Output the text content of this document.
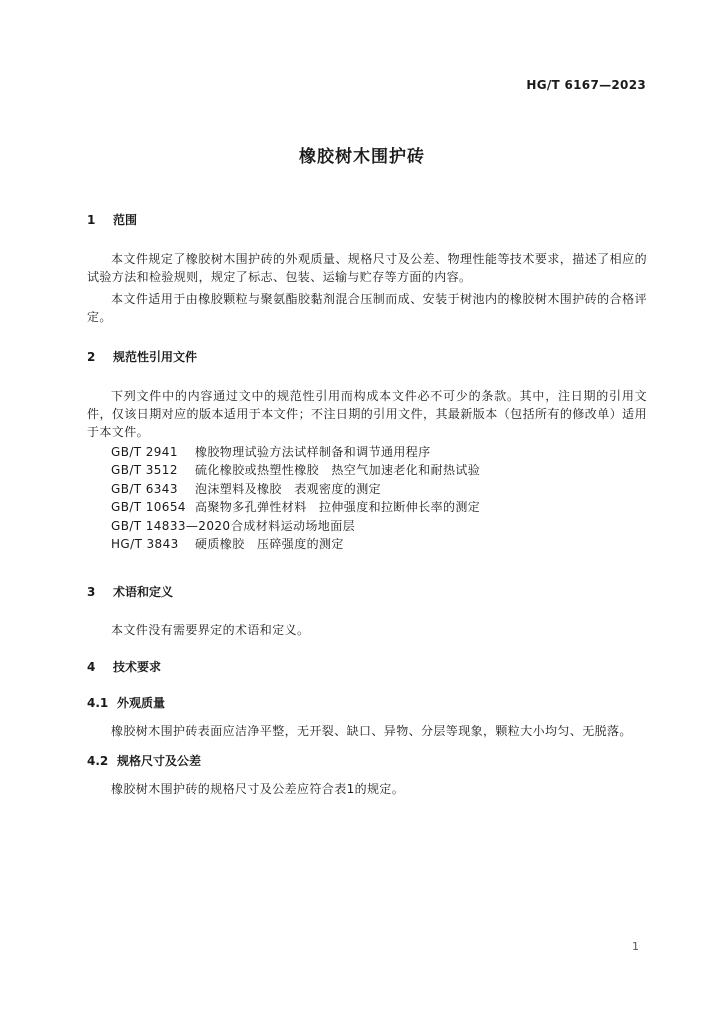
HG/T 6167—2023
橡胶树木围护砖
1 范围
本文件规定了橡胶树木围护砖的外观质量、规格尺寸及公差、物理性能等技术要求，描述了相应的试验方法和检验规则，规定了标志、包装、运输与贮存等方面的内容。
本文件适用于由橡胶颗粒与聚氨酯胶黏剂混合压制而成、安装于树池内的橡胶树木围护砖的合格评定。
2 规范性引用文件
下列文件中的内容通过文中的规范性引用而构成本文件必不可少的条款。其中，注日期的引用文件，仅该日期对应的版本适用于本文件；不注日期的引用文件，其最新版本（包括所有的修改单）适用于本文件。
GB/T 2941 橡胶物理试验方法试样制备和调节通用程序
GB/T 3512 硫化橡胶或热塑性橡胶　热空气加速老化和耐热试验
GB/T 6343 泡沫塑料及橡胶　表观密度的测定
GB/T 10654 高聚物多孔弹性材料　拉伸强度和拉断伸长率的测定
GB/T 14833—2020合成材料运动场地面层
HG/T 3843 硬质橡胶　压碎强度的测定
3 术语和定义
本文件没有需要界定的术语和定义。
4 技术要求
4.1 外观质量
橡胶树木围护砖表面应洁净平整，无开裂、缺口、异物、分层等现象，颗粒大小均匀、无脱落。
4.2 规格尺寸及公差
橡胶树木围护砖的规格尺寸及公差应符合表1的规定。
1
